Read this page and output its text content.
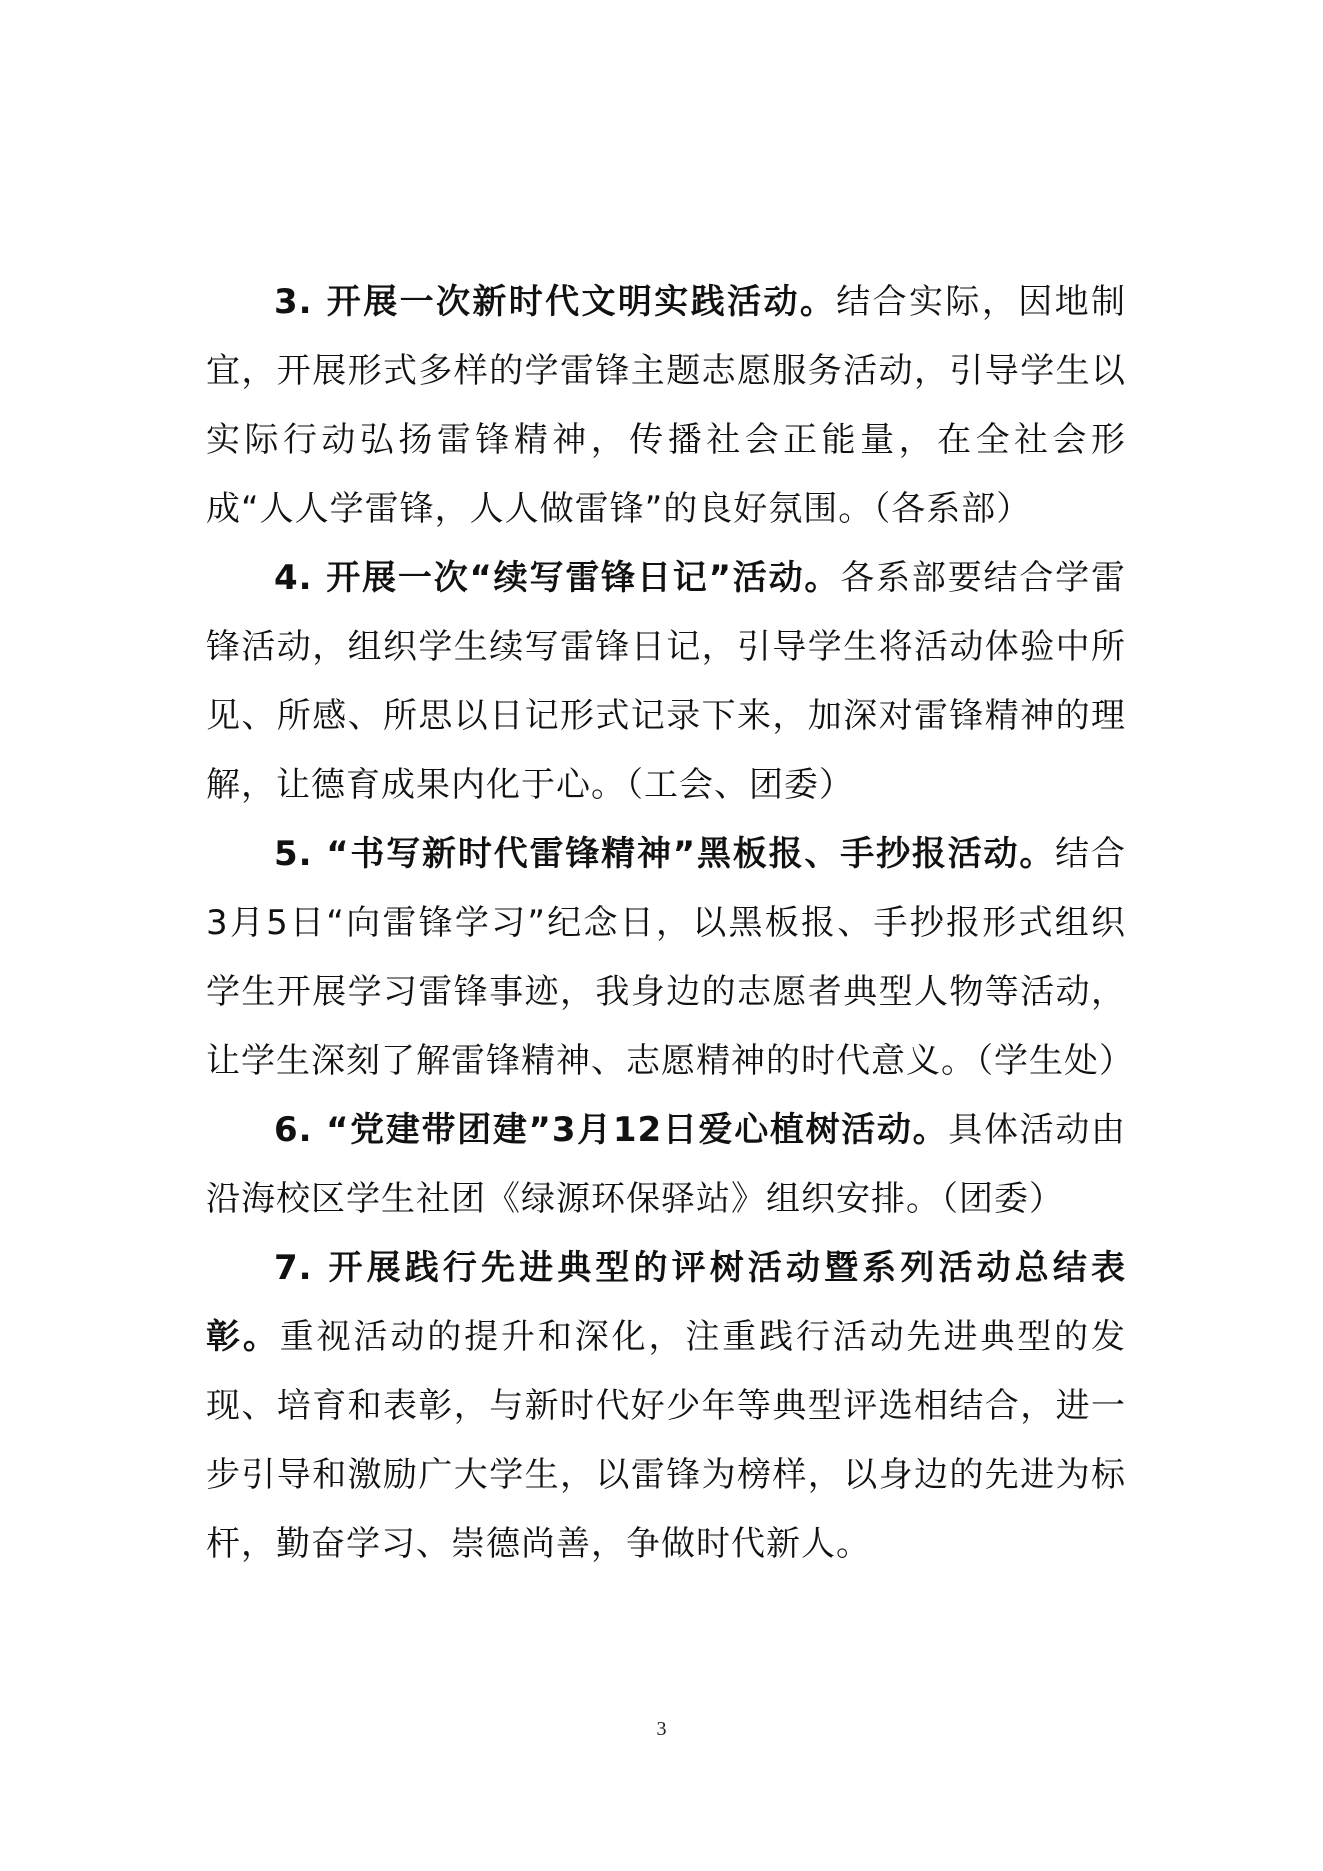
3. 开展一次新时代文明实践活动。结合实际，因地制宜，开展形式多样的学雷锋主题志愿服务活动，引导学生以实际行动弘扬雷锋精神，传播社会正能量，在全社会形成“人人学雷锋，人人做雷锋”的良好氛围。（各系部）

4. 开展一次“续写雷锋日记”活动。各系部要结合学雷锋活动，组织学生续写雷锋日记，引导学生将活动体验中所见、所感、所思以日记形式记录下来，加深对雷锋精神的理解，让德育成果内化于心。（工会、团委）

5. “书写新时代雷锋精神”黑板报、手抄报活动。结合3月5日“向雷锋学习”纪念日，以黑板报、手抄报形式组织学生开展学习雷锋事迹，我身边的志愿者典型人物等活动，让学生深刻了解雷锋精神、志愿精神的时代意义。（学生处）

6. “党建带团建”3月12日爱心植树活动。具体活动由沿海校区学生社团《绿源环保驿站》组织安排。（团委）

7. 开展践行先进典型的评树活动暨系列活动总结表彰。重视活动的提升和深化，注重践行活动先进典型的发现、培育和表彰，与新时代好少年等典型评选相结合，进一步引导和激励广大学生，以雷锋为榜样，以身边的先进为标杆，勤奋学习、崇德尚善，争做时代新人。

3
